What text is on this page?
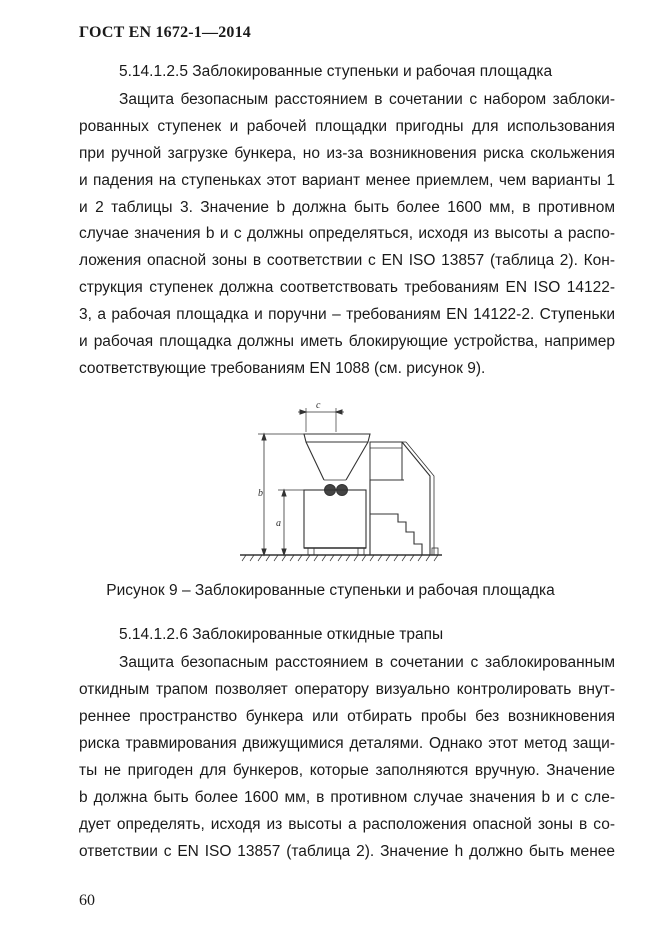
ГОСТ EN 1672-1—2014
5.14.1.2.5 Заблокированные ступеньки и рабочая площадка
Защита безопасным расстоянием в сочетании с набором заблоки-
рованных ступенек и рабочей площадки пригодны для использования
при ручной загрузке бункера, но из-за возникновения риска скольжения
и падения на ступеньках этот вариант менее приемлем, чем варианты 1
и 2 таблицы 3. Значение b должна быть более 1600 мм, в противном
случае значения b и c должны определяться, исходя из высоты а распо-
ложения опасной зоны в соответствии с EN ISO 13857 (таблица 2). Кон-
струкция ступенек должна соответствовать требованиям EN ISO 14122-
3, а рабочая площадка и поручни – требованиям EN 14122-2. Ступеньки
и рабочая площадка должны иметь блокирующие устройства, например
соответствующие требованиям EN 1088 (см. рисунок 9).
c
b
a
Рисунок 9 – Заблокированные ступеньки и рабочая площадка
5.14.1.2.6 Заблокированные откидные трапы
Защита безопасным расстоянием в сочетании с заблокированным
откидным трапом позволяет оператору визуально контролировать внут-
реннее пространство бункера или отбирать пробы без возникновения
риска травмирования движущимися деталями. Однако этот метод защи-
ты не пригоден для бункеров, которые заполняются вручную. Значение
b должна быть более 1600 мм, в противном случае значения b и c сле-
дует определять, исходя из высоты а расположения опасной зоны в со-
ответствии с EN ISO 13857 (таблица 2). Значение h должно быть менее
60
